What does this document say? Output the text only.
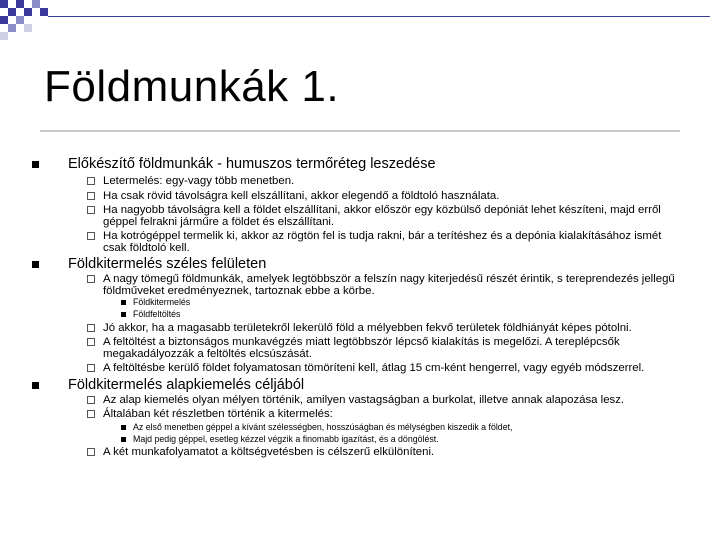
Földmunkák 1.
Előkészítő földmunkák - humuszos termőréteg leszedése
Letermelés: egy-vagy több menetben.
Ha csak rövid távolságra kell elszállítani, akkor elegendő a földtoló használata.
Ha nagyobb távolságra kell a földet elszállítani, akkor először egy közbülső depóniát lehet készíteni, majd erről géppel felrakni járműre a földet és elszállítani.
Ha kotrógéppel termelik ki, akkor az rögtön fel is tudja rakni, bár a terítéshez és a depónia kialakításához ismét csak földtoló kell.
Földkitermelés széles felületen
A nagy tömegű földmunkák, amelyek legtöbbször a felszín nagy kiterjedésű részét érintik, s tereprendezés jellegű földműveket eredményeznek, tartoznak ebbe a körbe.
Földkitermelés
Földfeltöltés
Jó akkor, ha a magasabb területekről lekerülő föld a mélyebben fekvő területek földhiányát képes pótolni.
A feltöltést a biztonságos munkavégzés miatt legtöbbször lépcső kialakítás is megelőzi. A tereplépcsők megakadályozzák a feltöltés elcsúszását.
A feltöltésbe kerülő földet folyamatosan tömöríteni kell, átlag 15 cm-ként hengerrel, vagy egyéb módszerrel.
Földkitermelés alapkiemelés céljából
Az alap kiemelés olyan mélyen történik, amilyen vastagságban a burkolat, illetve annak alapozása lesz.
Általában két részletben történik a kitermelés:
Az első menetben géppel a kívánt szélességben, hosszúságban és mélységben kiszedik a földet,
Majd pedig géppel, esetleg kézzel végzik a finomabb igazítást, és a döngölést.
A két munkafolyamatot a költségvetésben is célszerű elkülöníteni.
